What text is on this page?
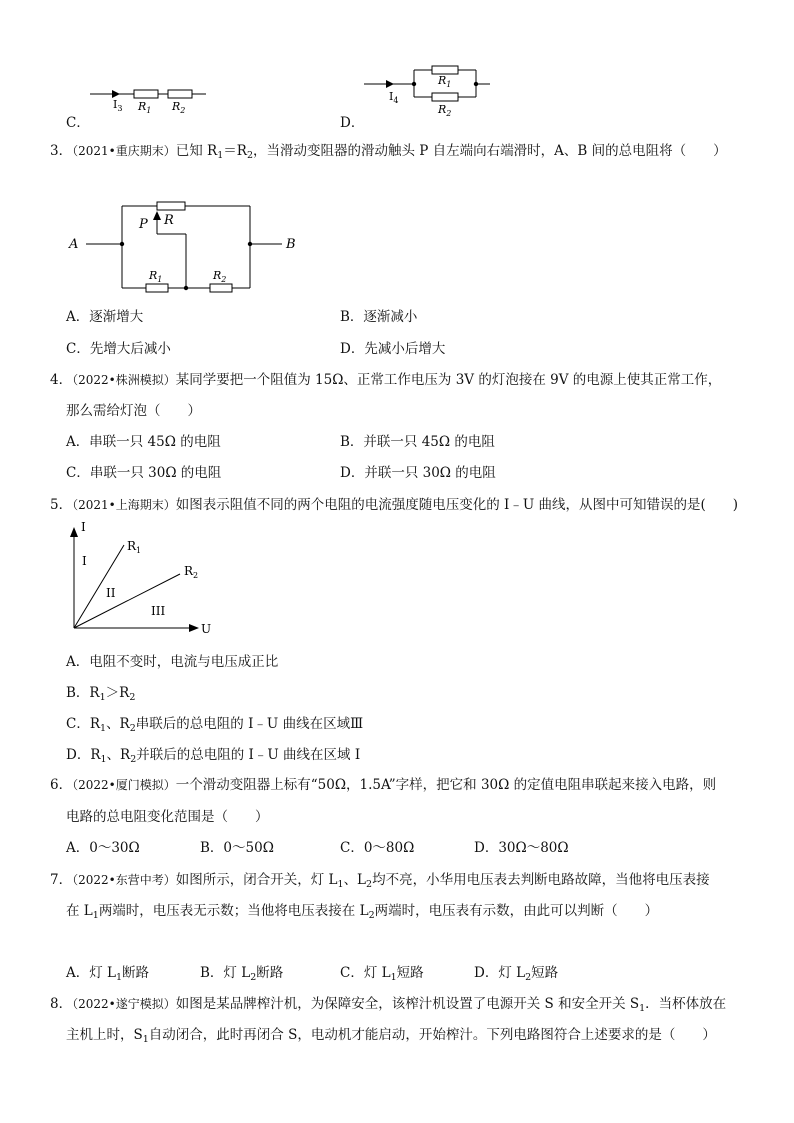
C．	D．
$I_3$ $R_1$ $R_2$
$I_4$
$R_1$
$R_2$
3．（2021•重庆期末）已知 $R_1=R_2$，当滑动变阻器的滑动触头 P 自左端向右端滑时，A、B 间的总电阻将（　　）
A	B
P R
$R_1$	$R_2$
A．逐渐增大	B．逐渐减小
C．先增大后减小	D．先减小后增大
4．（2022•株洲模拟）某同学要把一个阻值为 15Ω、正常工作电压为 3V 的灯泡接在 9V 的电源上使其正常工作，
那么需给灯泡（　　）
A．串联一只 45Ω 的电阻	B．并联一只 45Ω 的电阻
C．串联一只 30Ω 的电阻	D．并联一只 30Ω 的电阻
5．（2021•上海期末）如图表示阻值不同的两个电阻的电流强度随电压变化的 I﹣U 曲线，从图中可知错误的是(　　)
I
U
$R_1$
$R_2$
I
II
III
A．电阻不变时，电流与电压成正比
B．$R_1>R_2$
C．$R_1$、$R_2$串联后的总电阻的 I﹣U 曲线在区域Ⅲ
D．$R_1$、$R_2$并联后的总电阻的 I﹣U 曲线在区域 I
6．（2022•厦门模拟）一个滑动变阻器上标有“50Ω，1.5A”字样，把它和 30Ω 的定值电阻串联起来接入电路，则
电路的总电阻变化范围是（　　）
A．0～30Ω	B．0～50Ω	C．0～80Ω	D．30Ω～80Ω
7．（2022•东营中考）如图所示，闭合开关，灯 $L_1$、$L_2$均不亮，小华用电压表去判断电路故障，当他将电压表接
在 $L_1$两端时，电压表无示数；当他将电压表接在 $L_2$两端时，电压表有示数，由此可以判断（　　）
A．灯 $L_1$断路	B．灯 $L_2$断路	C．灯 $L_1$短路	D．灯 $L_2$短路
8．（2022•遂宁模拟）如图是某品牌榨汁机，为保障安全，该榨汁机设置了电源开关 S 和安全开关 $S_1$．当杯体放在
主机上时，$S_1$自动闭合，此时再闭合 S，电动机才能启动，开始榨汁。下列电路图符合上述要求的是（　　）
